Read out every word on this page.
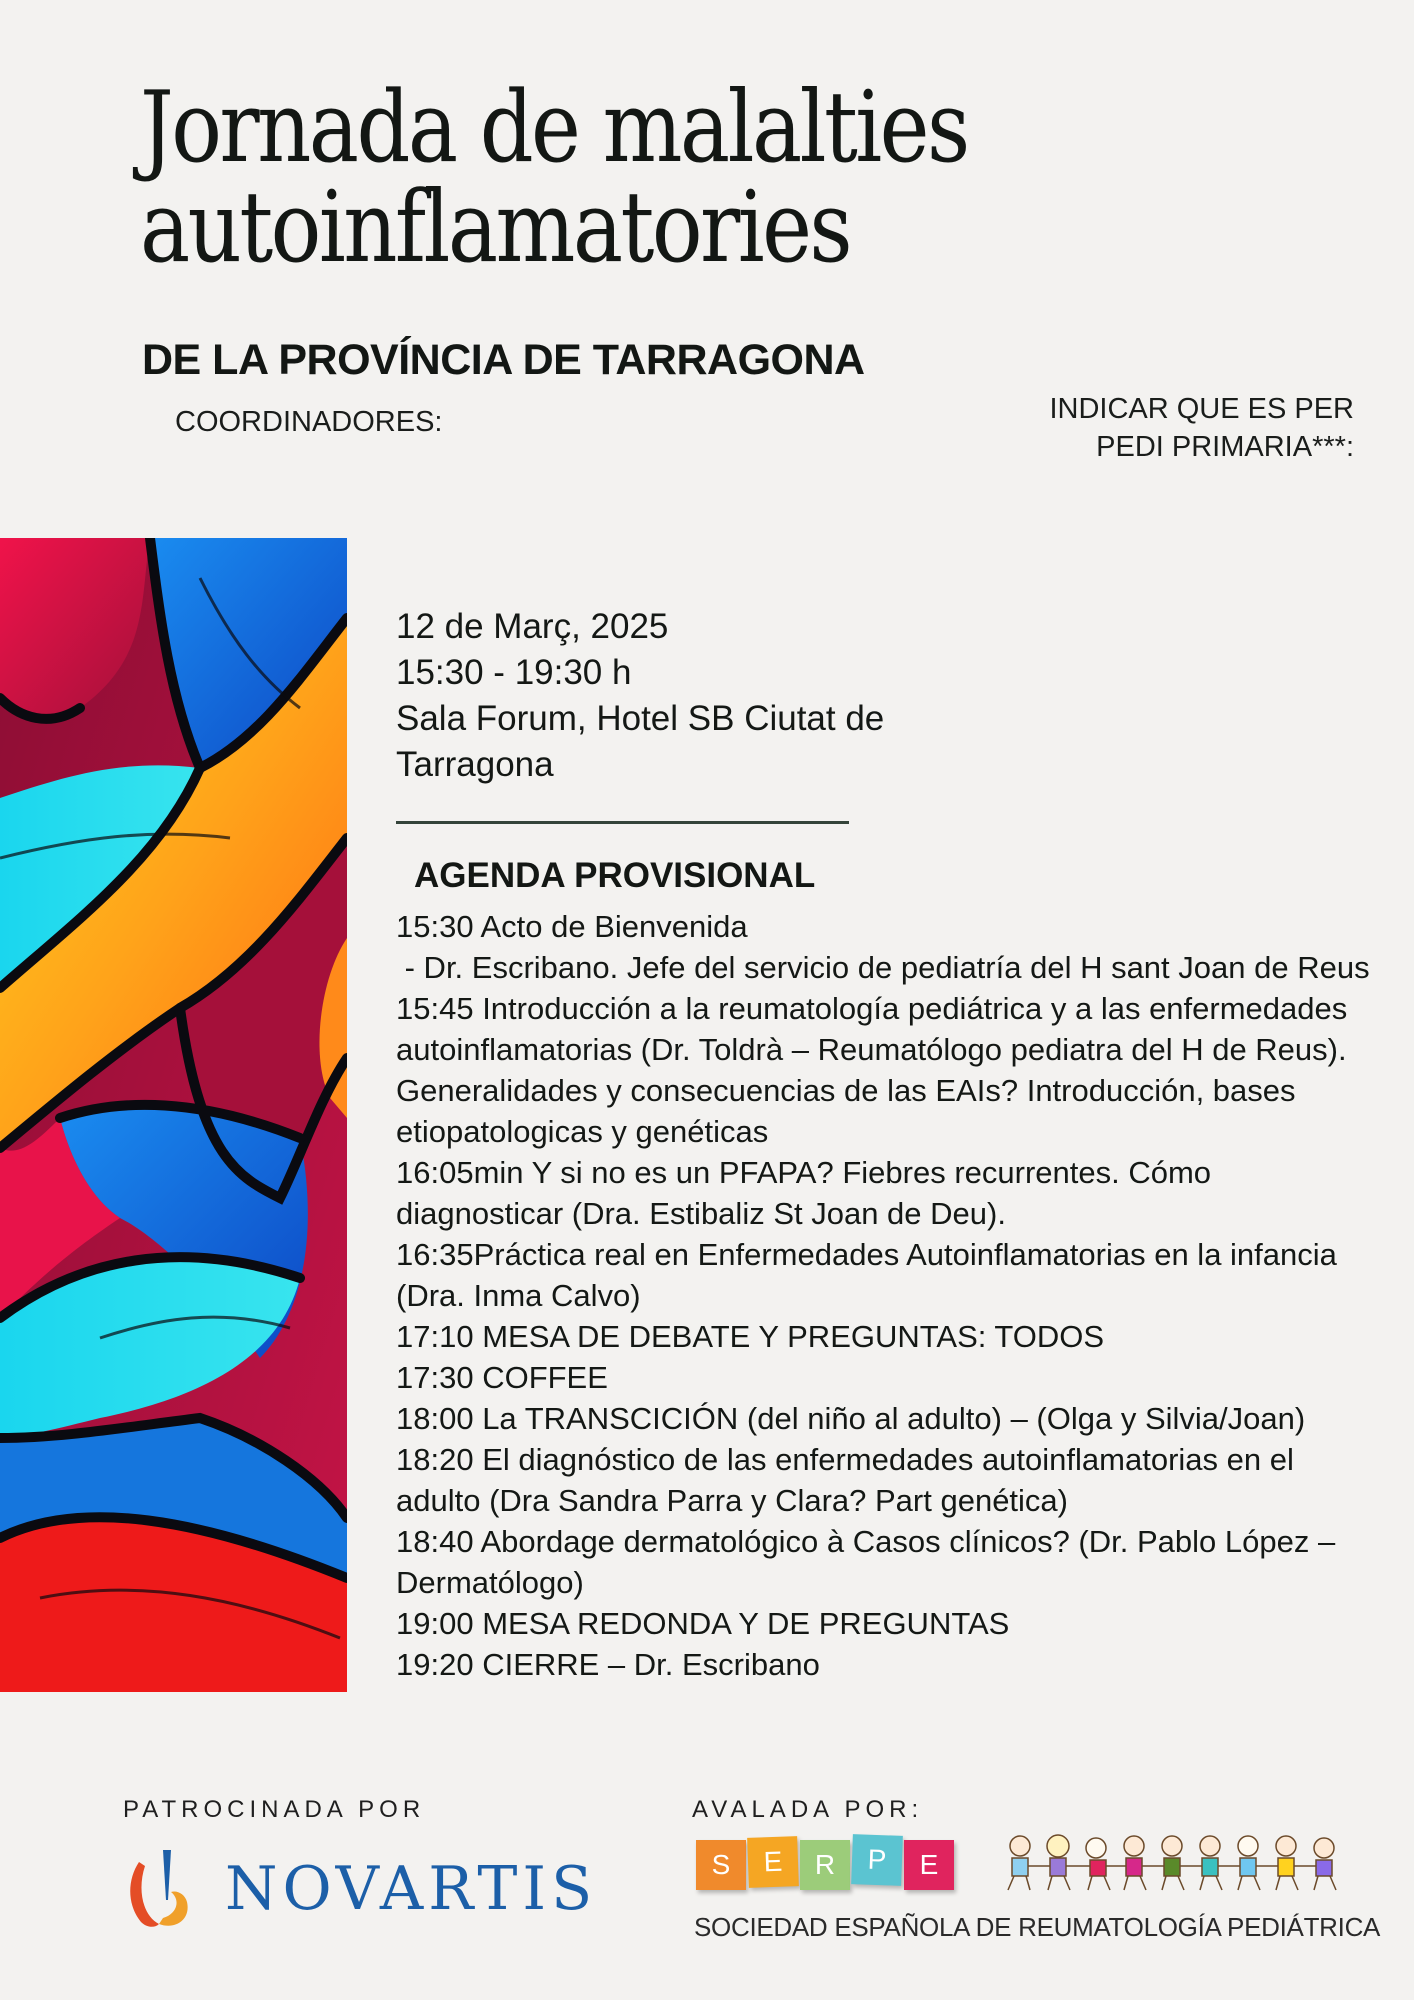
Jornada de malalties
autoinflamatories
DE LA PROVÍNCIA DE TARRAGONA
COORDINADORES:	INDICAR QUE ES PER
PEDI PRIMARIA***:
12 de Març, 2025
15:30 - 19:30 h
Sala Forum, Hotel SB Ciutat de
Tarragona
AGENDA PROVISIONAL
15:30 Acto de Bienvenida
- Dr. Escribano. Jefe del servicio de pediatría del H sant Joan de Reus
15:45 Introducción a la reumatología pediátrica y a las enfermedades autoinflamatorias (Dr. Toldrà – Reumatólogo pediatra del H de Reus). Generalidades y consecuencias de las EAIs? Introducción, bases etiopatologicas y genéticas
16:05min Y si no es un PFAPA? Fiebres recurrentes. Cómo diagnosticar (Dra. Estibaliz St Joan de Deu).
16:35Práctica real en Enfermedades Autoinflamatorias en la infancia (Dra. Inma Calvo)
17:10 MESA DE DEBATE Y PREGUNTAS: TODOS
17:30 COFFEE
18:00 La TRANSCICIÓN (del niño al adulto) – (Olga y Silvia/Joan)
18:20 El diagnóstico de las enfermedades autoinflamatorias en el adulto (Dra Sandra Parra y Clara? Part genética)
18:40 Abordage dermatológico à Casos clínicos? (Dr. Pablo López – Dermatólogo)
19:00 MESA REDONDA Y DE PREGUNTAS
19:20 CIERRE – Dr. Escribano
PATROCINADA POR	AVALADA POR:
NOVARTIS	S	E	R	P	E
SOCIEDAD ESPAÑOLA DE REUMATOLOGÍA PEDIÁTRICA
